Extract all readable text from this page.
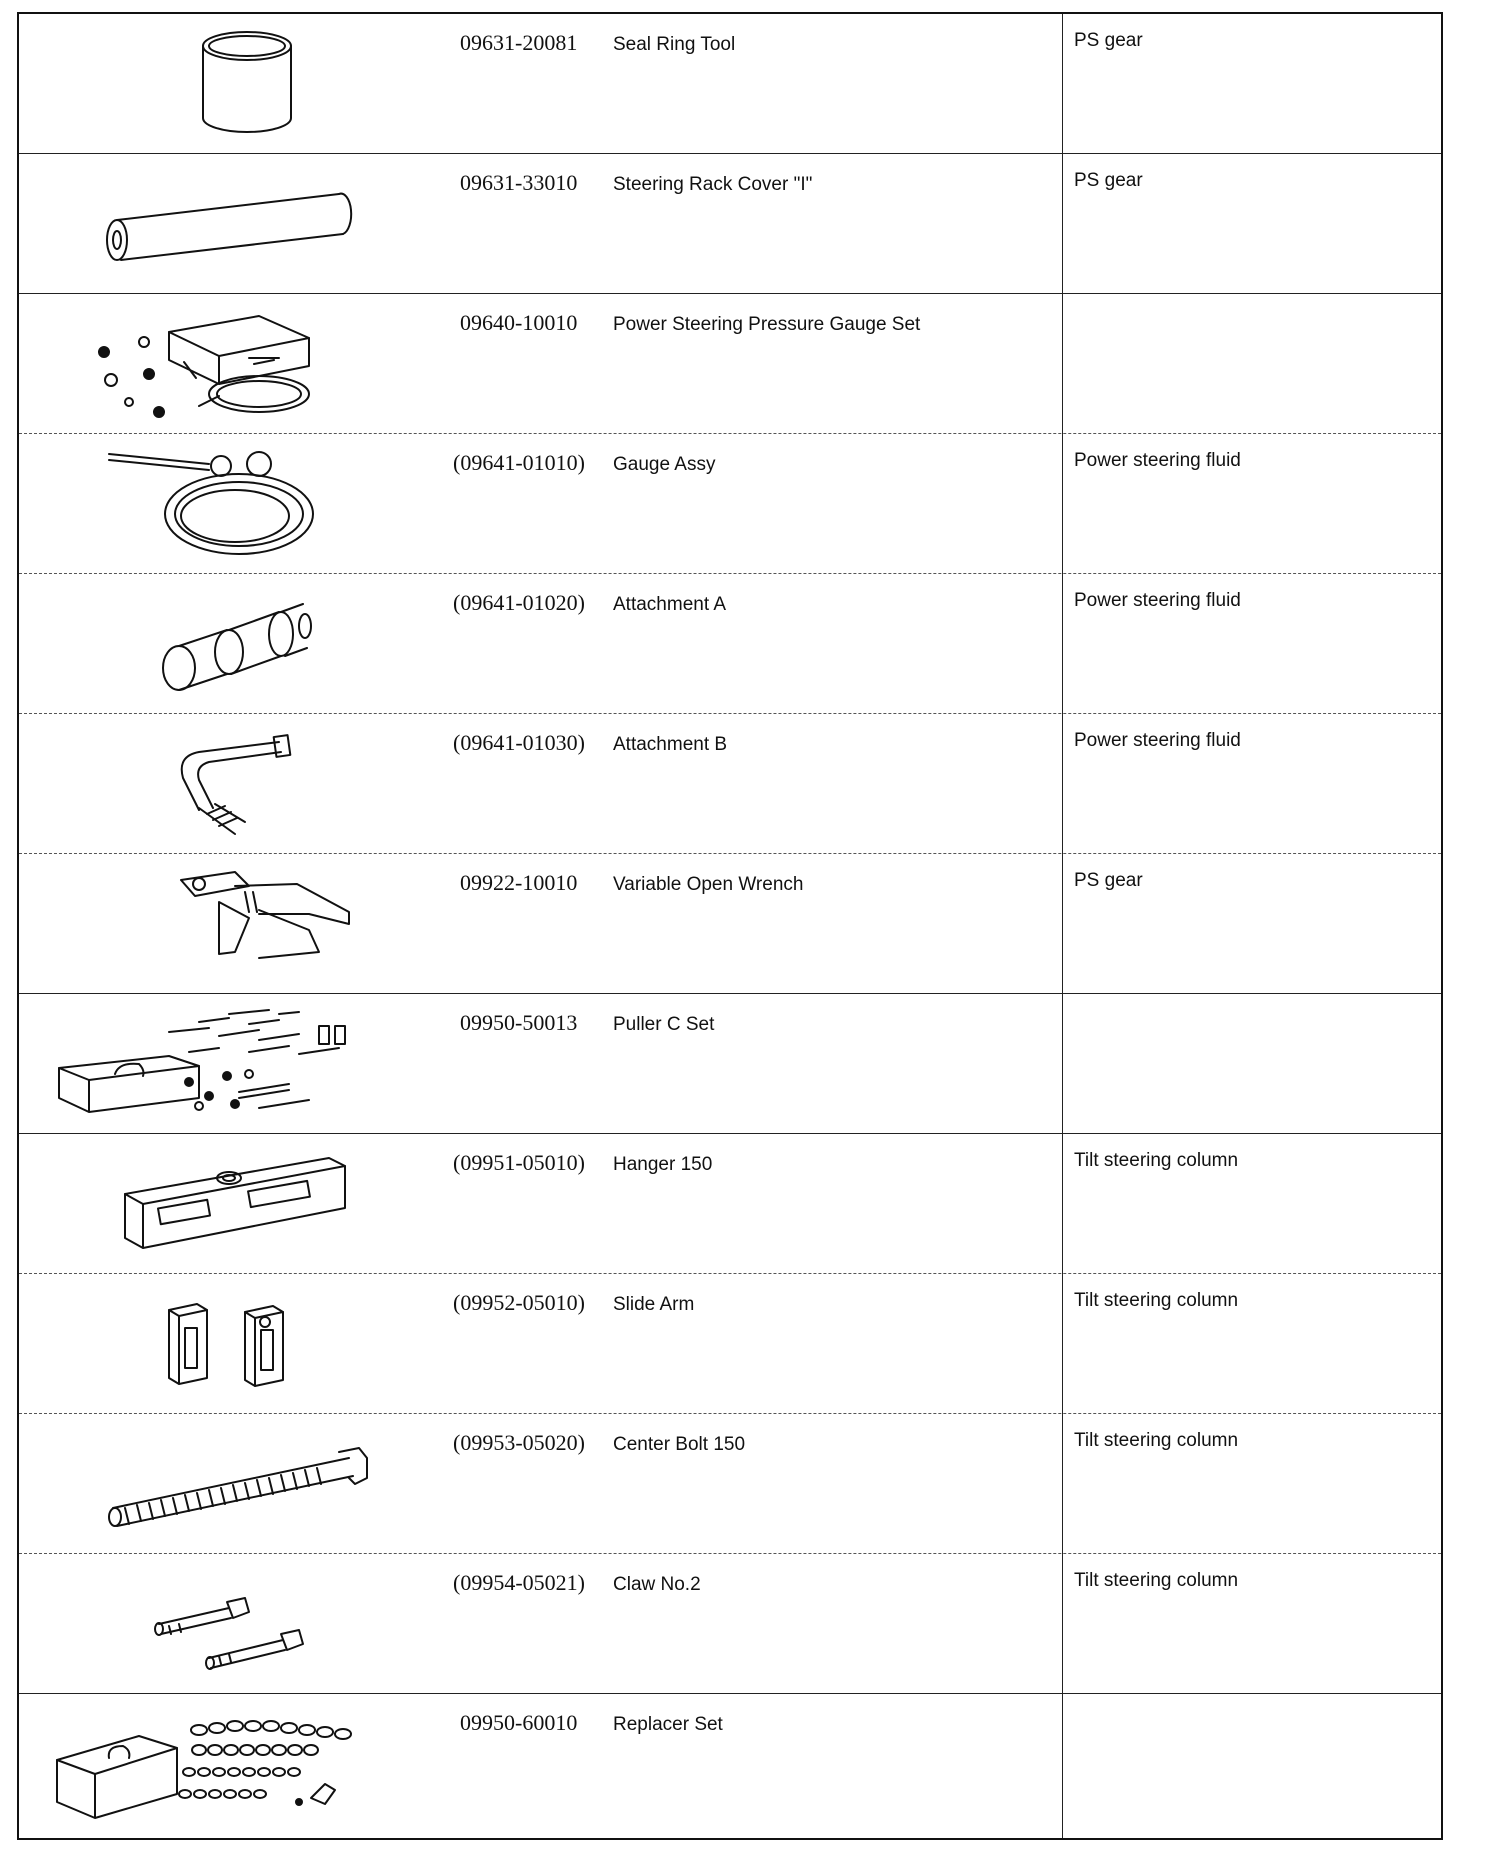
09631-20081 Seal Ring Tool	PS gear
09631-33010 Steering Rack Cover "I"	PS gear
09640-10010 Power Steering Pressure Gauge Set
(09641-01010) Gauge Assy	Power steering fluid
(09641-01020) Attachment A	Power steering fluid
(09641-01030) Attachment B	Power steering fluid
09922-10010 Variable Open Wrench	PS gear
09950-50013 Puller C Set
(09951-05010) Hanger 150	Tilt steering column
(09952-05010) Slide Arm	Tilt steering column
(09953-05020) Center Bolt 150	Tilt steering column
(09954-05021) Claw No.2	Tilt steering column
09950-60010 Replacer Set
